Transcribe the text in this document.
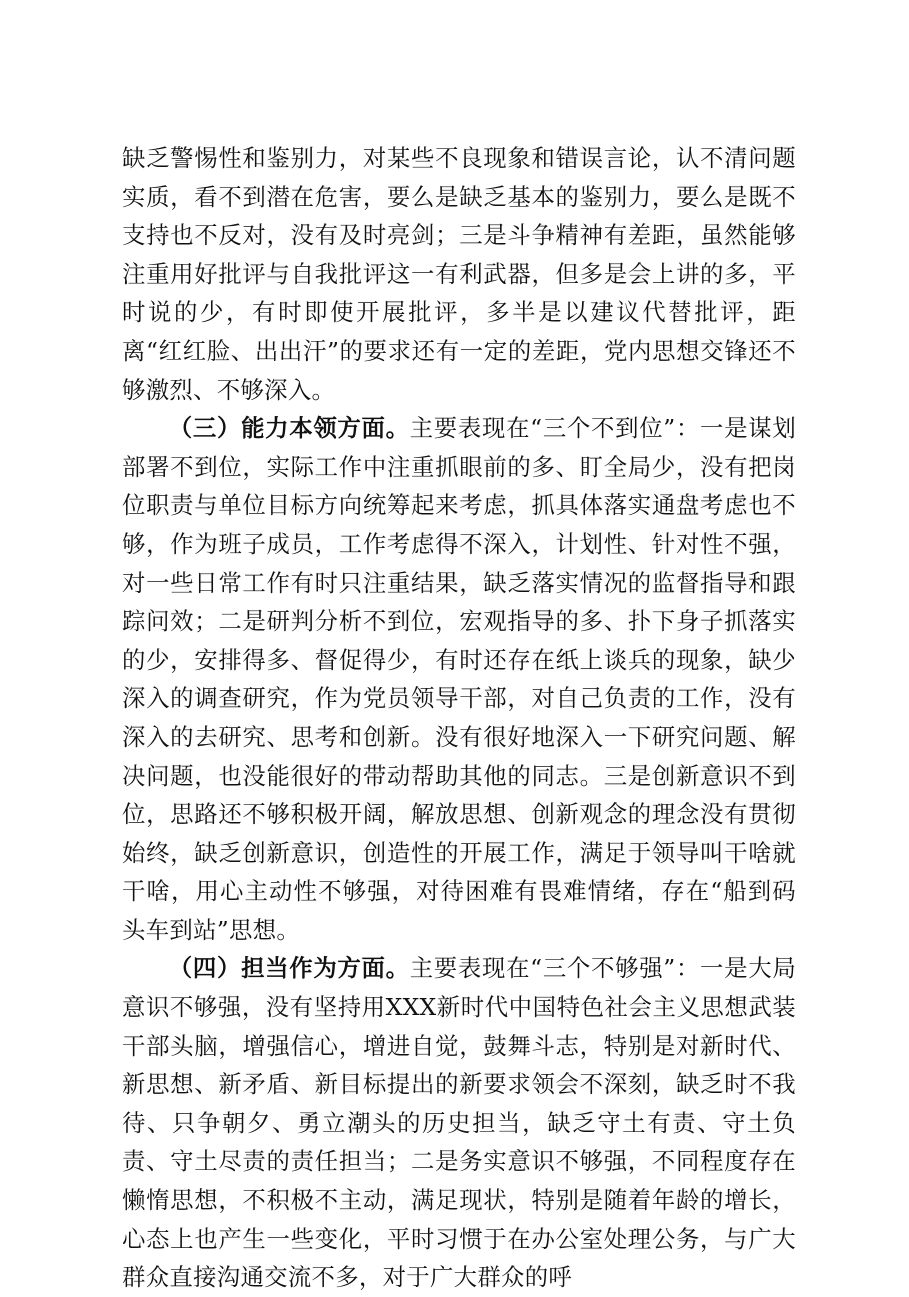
缺乏警惕性和鉴别力，对某些不良现象和错误言论，认不清问题实质，看不到潜在危害，要么是缺乏基本的鉴别力，要么是既不支持也不反对，没有及时亮剑；三是斗争精神有差距，虽然能够注重用好批评与自我批评这一有利武器，但多是会上讲的多，平时说的少，有时即使开展批评，多半是以建议代替批评，距离“红红脸、出出汗”的要求还有一定的差距，党内思想交锋还不够激烈、不够深入。

（三）能力本领方面。主要表现在“三个不到位”：一是谋划部署不到位，实际工作中注重抓眼前的多、盯全局少，没有把岗位职责与单位目标方向统筹起来考虑，抓具体落实通盘考虑也不够，作为班子成员，工作考虑得不深入，计划性、针对性不强，对一些日常工作有时只注重结果，缺乏落实情况的监督指导和跟踪问效；二是研判分析不到位，宏观指导的多、扑下身子抓落实的少，安排得多、督促得少，有时还存在纸上谈兵的现象，缺少深入的调查研究，作为党员领导干部，对自己负责的工作，没有深入的去研究、思考和创新。没有很好地深入一下研究问题、解决问题，也没能很好的带动帮助其他的同志。三是创新意识不到位，思路还不够积极开阔，解放思想、创新观念的理念没有贯彻始终，缺乏创新意识，创造性的开展工作，满足于领导叫干啥就干啥，用心主动性不够强，对待困难有畏难情绪，存在“船到码头车到站”思想。

（四）担当作为方面。主要表现在“三个不够强”：一是大局意识不够强，没有坚持用XXX新时代中国特色社会主义思想武装干部头脑，增强信心，增进自觉，鼓舞斗志，特别是对新时代、新思想、新矛盾、新目标提出的新要求领会不深刻，缺乏时不我待、只争朝夕、勇立潮头的历史担当，缺乏守土有责、守土负责、守土尽责的责任担当；二是务实意识不够强，不同程度存在懒惰思想，不积极不主动，满足现状，特别是随着年龄的增长，心态上也产生一些变化，平时习惯于在办公室处理公务，与广大群众直接沟通交流不多，对于广大群众的呼
